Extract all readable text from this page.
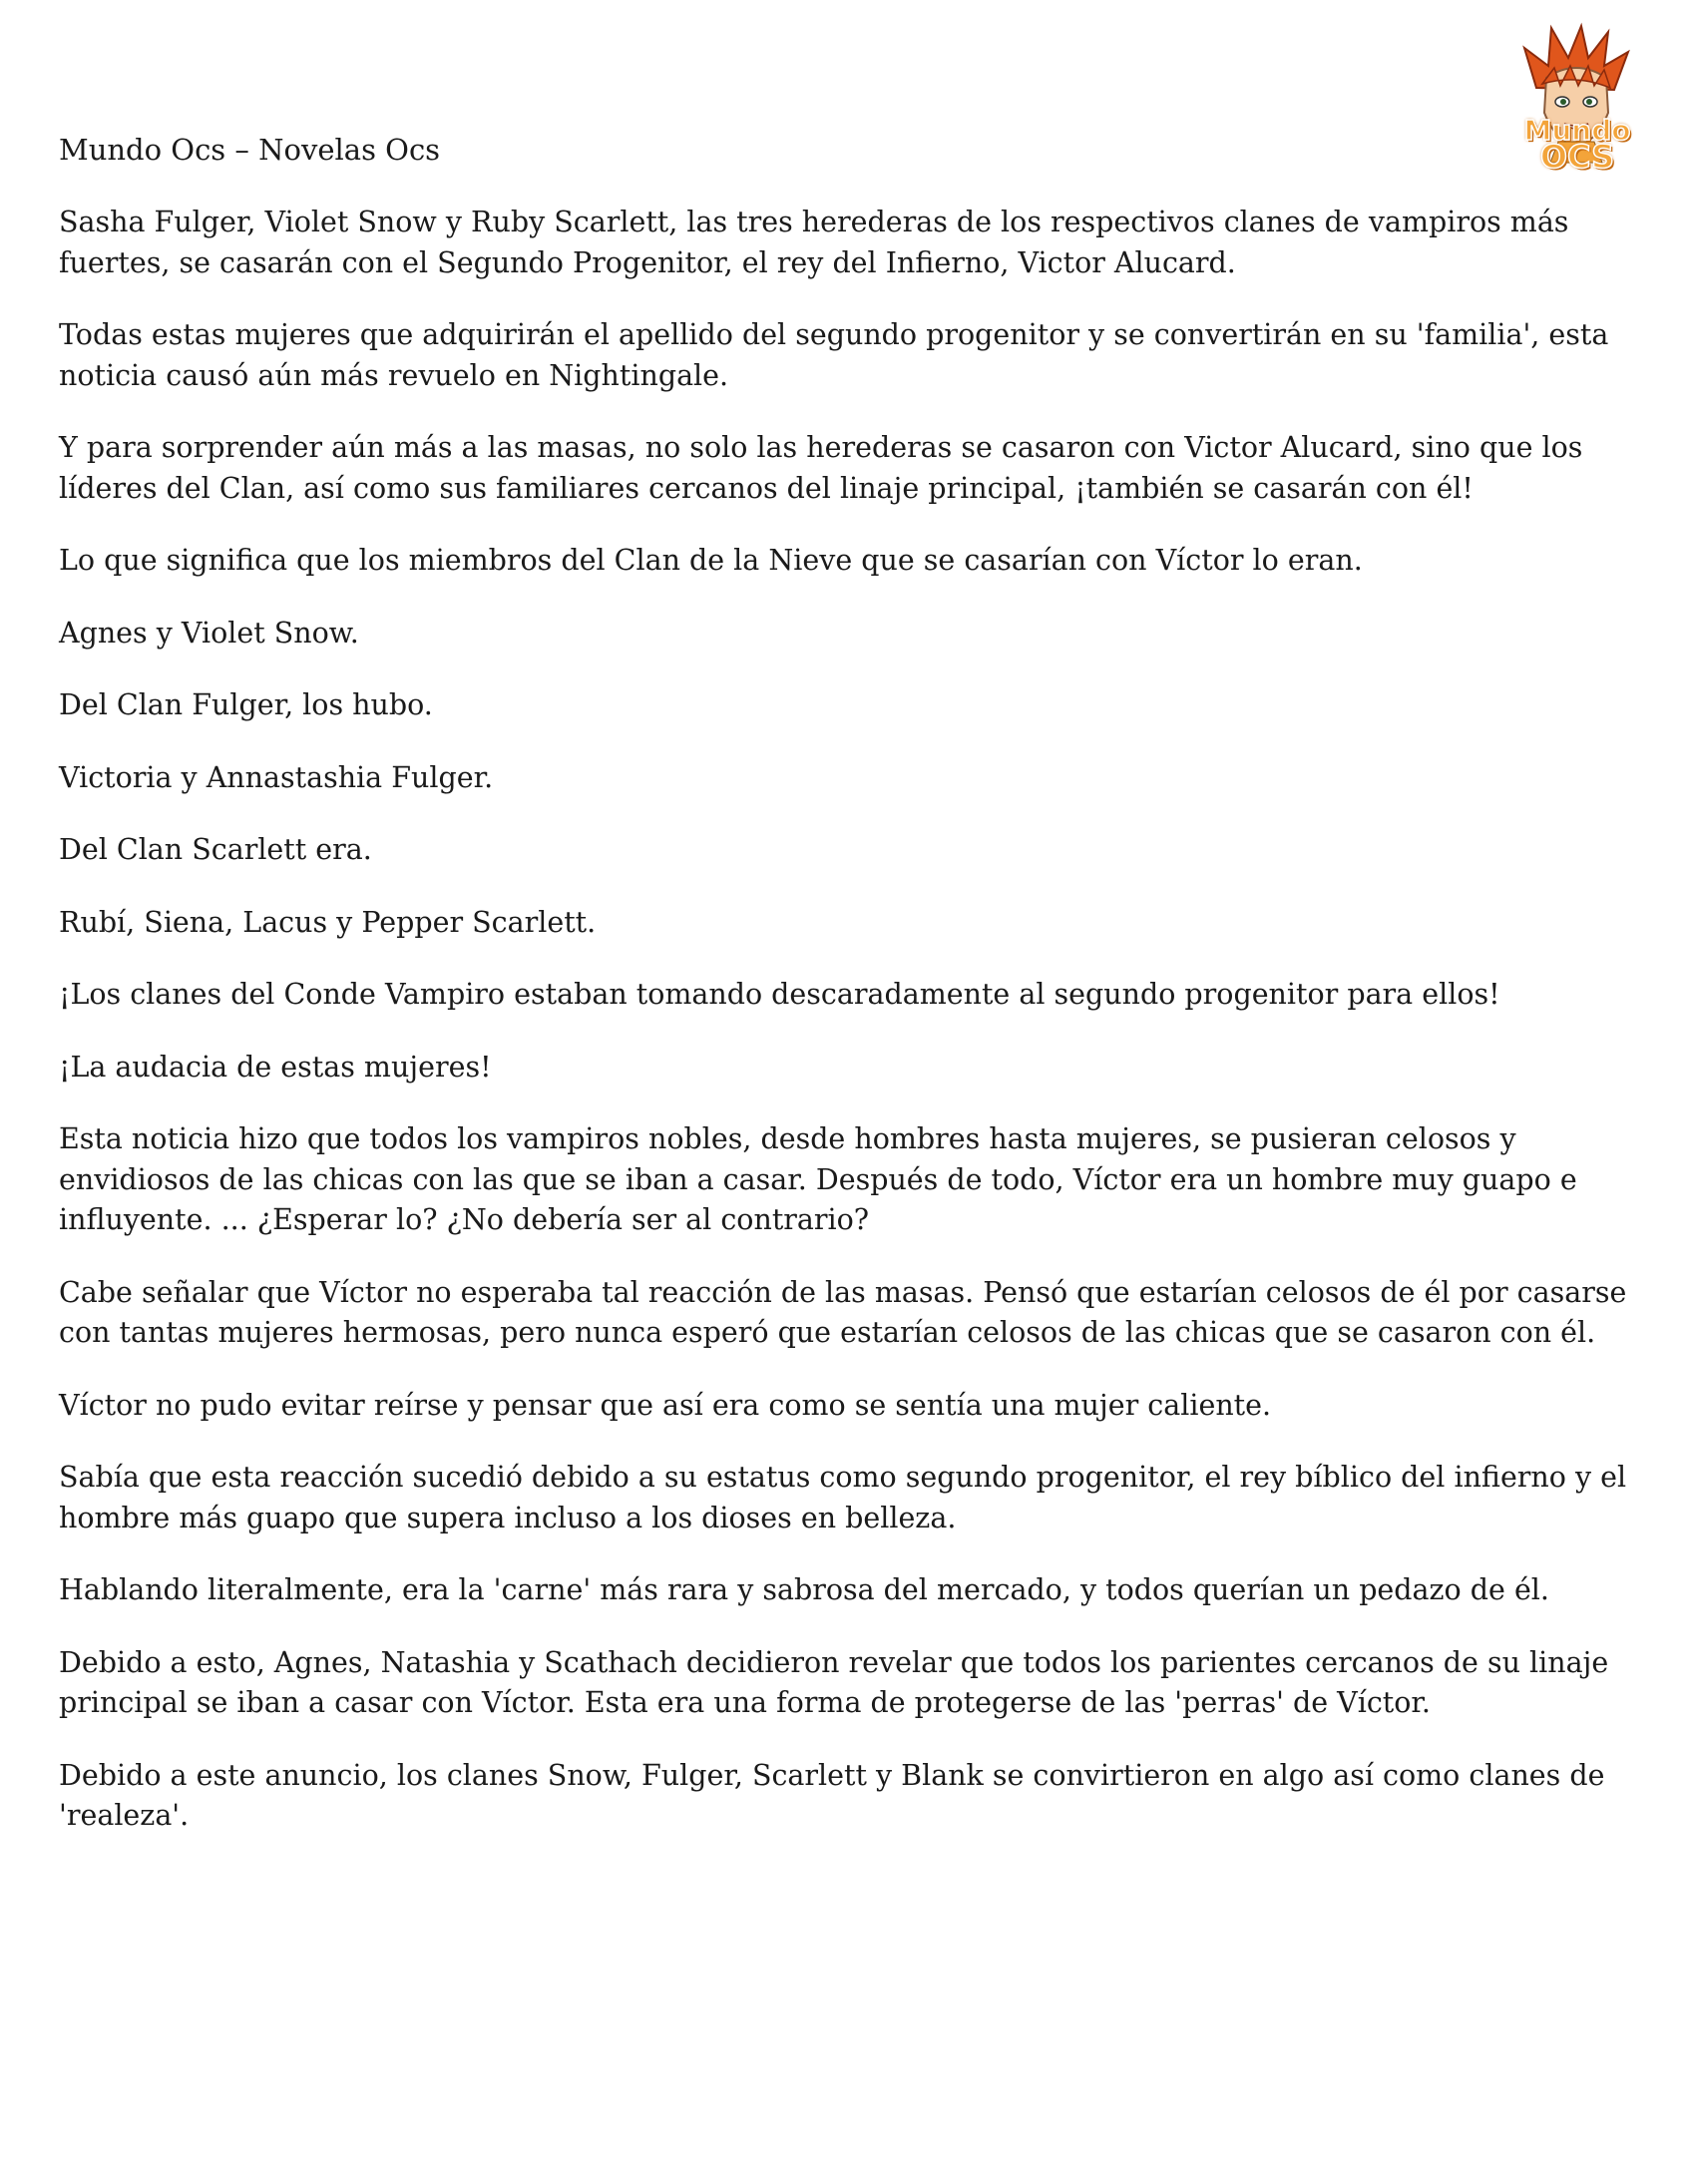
Mundo
OCS
Mundo Ocs – Novelas Ocs

Sasha Fulger, Violet Snow y Ruby Scarlett, las tres herederas de los respectivos clanes de vampiros más fuertes, se casarán con el Segundo Progenitor, el rey del Infierno, Victor Alucard.

Todas estas mujeres que adquirirán el apellido del segundo progenitor y se convertirán en su 'familia', esta noticia causó aún más revuelo en Nightingale.

Y para sorprender aún más a las masas, no solo las herederas se casaron con Victor Alucard, sino que los líderes del Clan, así como sus familiares cercanos del linaje principal, ¡también se casarán con él!

Lo que significa que los miembros del Clan de la Nieve que se casarían con Víctor lo eran.

Agnes y Violet Snow.

Del Clan Fulger, los hubo.

Victoria y Annastashia Fulger.

Del Clan Scarlett era.

Rubí, Siena, Lacus y Pepper Scarlett.

¡Los clanes del Conde Vampiro estaban tomando descaradamente al segundo progenitor para ellos!

¡La audacia de estas mujeres!

Esta noticia hizo que todos los vampiros nobles, desde hombres hasta mujeres, se pusieran celosos y envidiosos de las chicas con las que se iban a casar. Después de todo, Víctor era un hombre muy guapo e influyente. ... ¿Esperar lo? ¿No debería ser al contrario?

Cabe señalar que Víctor no esperaba tal reacción de las masas. Pensó que estarían celosos de él por casarse con tantas mujeres hermosas, pero nunca esperó que estarían celosos de las chicas que se casaron con él.

Víctor no pudo evitar reírse y pensar que así era como se sentía una mujer caliente.

Sabía que esta reacción sucedió debido a su estatus como segundo progenitor, el rey bíblico del infierno y el hombre más guapo que supera incluso a los dioses en belleza.

Hablando literalmente, era la 'carne' más rara y sabrosa del mercado, y todos querían un pedazo de él.

Debido a esto, Agnes, Natashia y Scathach decidieron revelar que todos los parientes cercanos de su linaje principal se iban a casar con Víctor. Esta era una forma de protegerse de las 'perras' de Víctor.

Debido a este anuncio, los clanes Snow, Fulger, Scarlett y Blank se convirtieron en algo así como clanes de 'realeza'.
